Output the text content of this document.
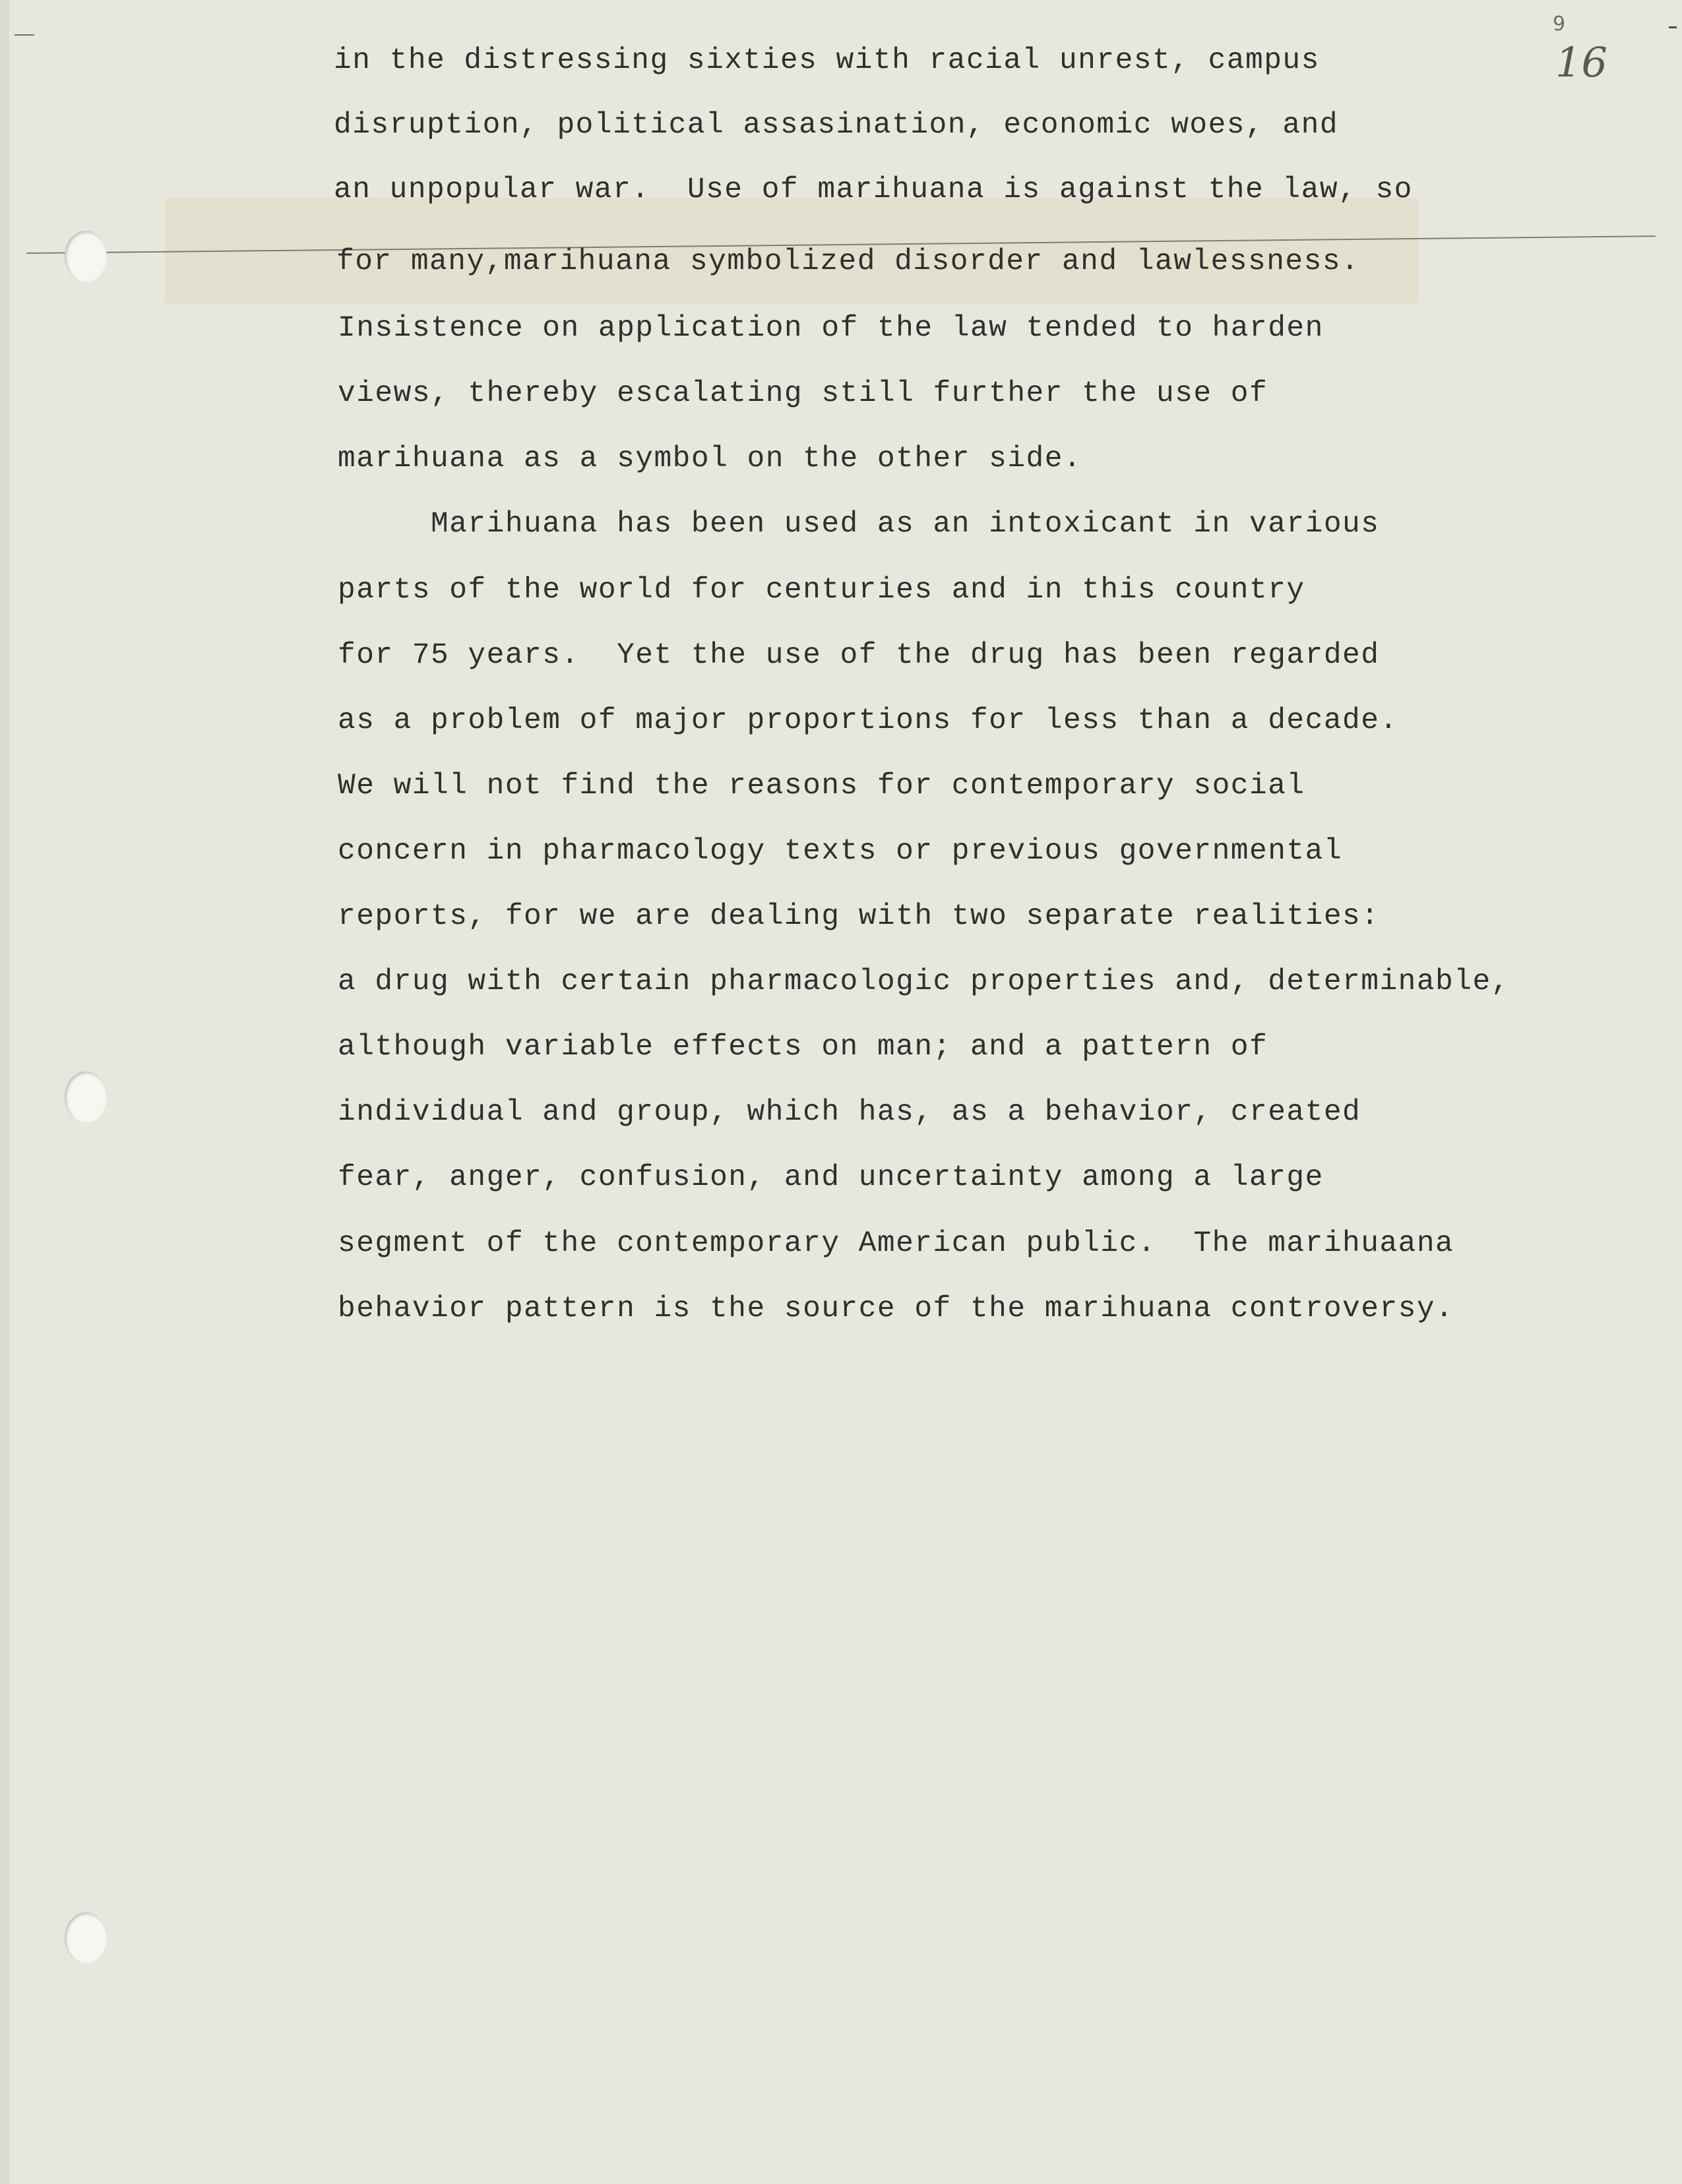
9
16
in the distressing sixties with racial unrest, campus
disruption, political assasination, economic woes, and
an unpopular war.  Use of marihuana is against the law, so
for many,marihuana symbolized disorder and lawlessness.
Insistence on application of the law tended to harden
views, thereby escalating still further the use of
marihuana as a symbol on the other side.
Marihuana has been used as an intoxicant in various
parts of the world for centuries and in this country
for 75 years.  Yet the use of the drug has been regarded
as a problem of major proportions for less than a decade.
We will not find the reasons for contemporary social
concern in pharmacology texts or previous governmental
reports, for we are dealing with two separate realities:
a drug with certain pharmacologic properties and, determinable,
although variable effects on man; and a pattern of
individual and group, which has, as a behavior, created
fear, anger, confusion, and uncertainty among a large
segment of the contemporary American public.  The marihuaana
behavior pattern is the source of the marihuana controversy.
